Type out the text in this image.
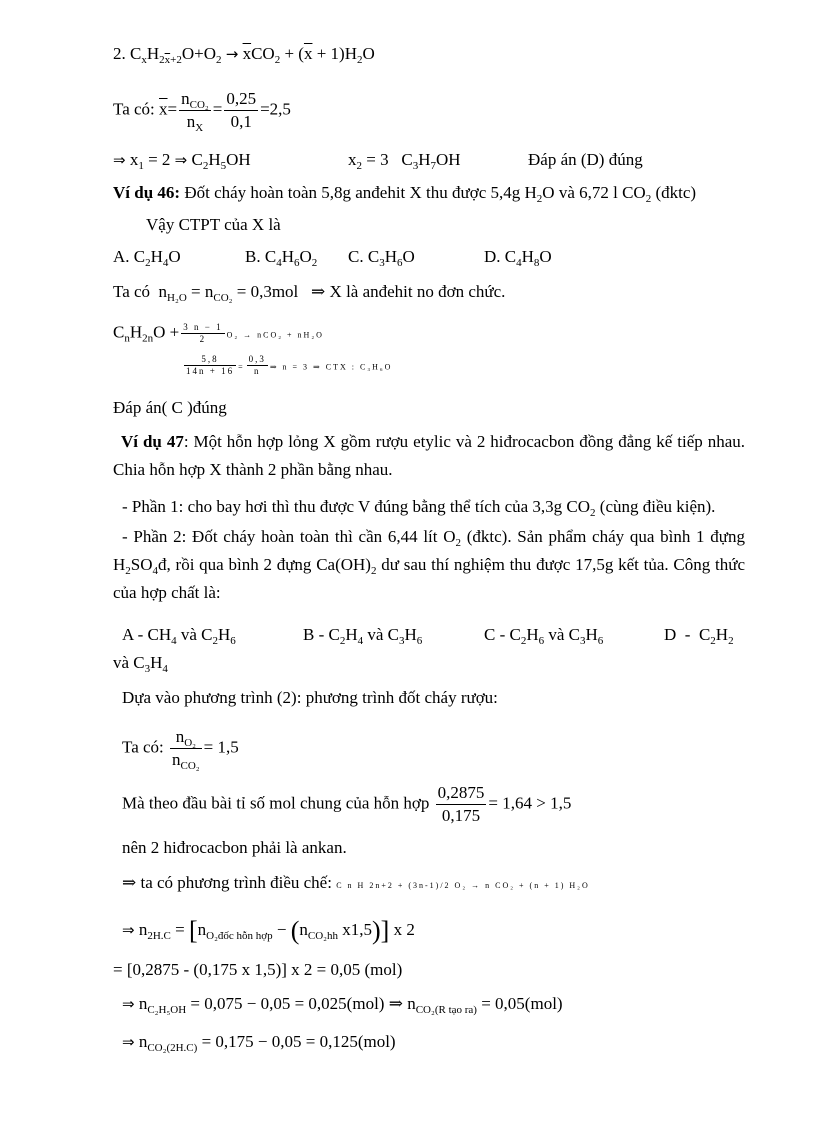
2. $C_xH_{2\overline{x}+2}O+O_2 \to \overline{x}CO_2 + (\overline{x} + 1)H_2O$
Ta có: $\overline{x}= \frac{n_{CO_2}}{n_X} = \frac{0,25}{0,1} =2,5$
⇒ $x_1 = 2$ ⇒ $C_2H_5OH$	$x_2 = 3$   $C_3H_7OH$	Đáp án (D) đúng
Ví dụ 46: Đốt cháy hoàn toàn 5,8g anđehit X thu được 5,4g $H_2O$ và 6,72 l $CO_2$ (đktc)
Vậy CTPT của X là
A. $C_2H_4O$	B. $C_4H_6O_2$ C. $C_3H_6O$	D. $C_4H_8O$
Ta có  $n_{H_2O} = n_{CO_2} = 0,3mol$ ⇒ X là anđehit no đơn chức.
$C_nH_{2n}O + \frac{3 n - 1}{2} O_2 \to nCO_2 + nH_2O$
$\frac{5,8}{14n + 16} = \frac{0,3}{n}$ ⇒ n = 3 ⇒ CTX : C₃H₆O
Đáp án( C )đúng
Ví dụ 47: Một hỗn hợp lỏng X gồm rượu etylic và 2 hiđrocacbon đồng đẳng kế tiếp nhau. Chia hỗn hợp X thành 2 phần bằng nhau.
- Phần 1: cho bay hơi thì thu được V đúng bằng thể tích của 3,3g $CO_2$ (cùng điều kiện).
- Phần 2: Đốt cháy hoàn toàn thì cần 6,44 lít $O_2$ (đktc). Sản phẩm cháy qua bình 1 đựng $H_2SO_4đ$, rồi qua bình 2 đựng $Ca(OH)_2$ dư sau thí nghiệm thu được 17,5g kết tủa. Công thức của hợp chất là:
A - $CH_4$ và $C_2H_6$	B - $C_2H_4$ và $C_3H_6$	C - $C_2H_6$ và $C_3H_6$	D  -  $C_2H_2$
và $C_3H_4$
Dựa vào phương trình (2): phương trình đốt cháy rượu:
Ta có: $\frac{n_{O_2}}{n_{CO_2}} = 1,5$
Mà theo đầu bài tỉ số mol chung của hỗn hợp $\frac{0,2875}{0,175} = 1,64 > 1,5$
nên 2 hiđrocacbon phải là ankan.
⇒ ta có phương trình điều chế: C n H 2n+2 + (3n-1)/2 O₂ → n CO₂ + (n + 1) H₂O
⇒ $n_{2H.C} = [n_{O_2đốc hỗn hợp} - (n_{CO_2hh}$ x1,5)] x 2
= [0,2875 - (0,175 x 1,5)] x 2 = 0,05 (mol)
⇒ $n_{C_2H_5OH} = 0,075 - 0,05 = 0,025(mol)$ ⇒ $n_{CO_2(R tạo ra)} = 0,05(mol)$
⇒ $n_{CO_2(2H.C)} = 0,175 - 0,05 = 0,125(mol)$
